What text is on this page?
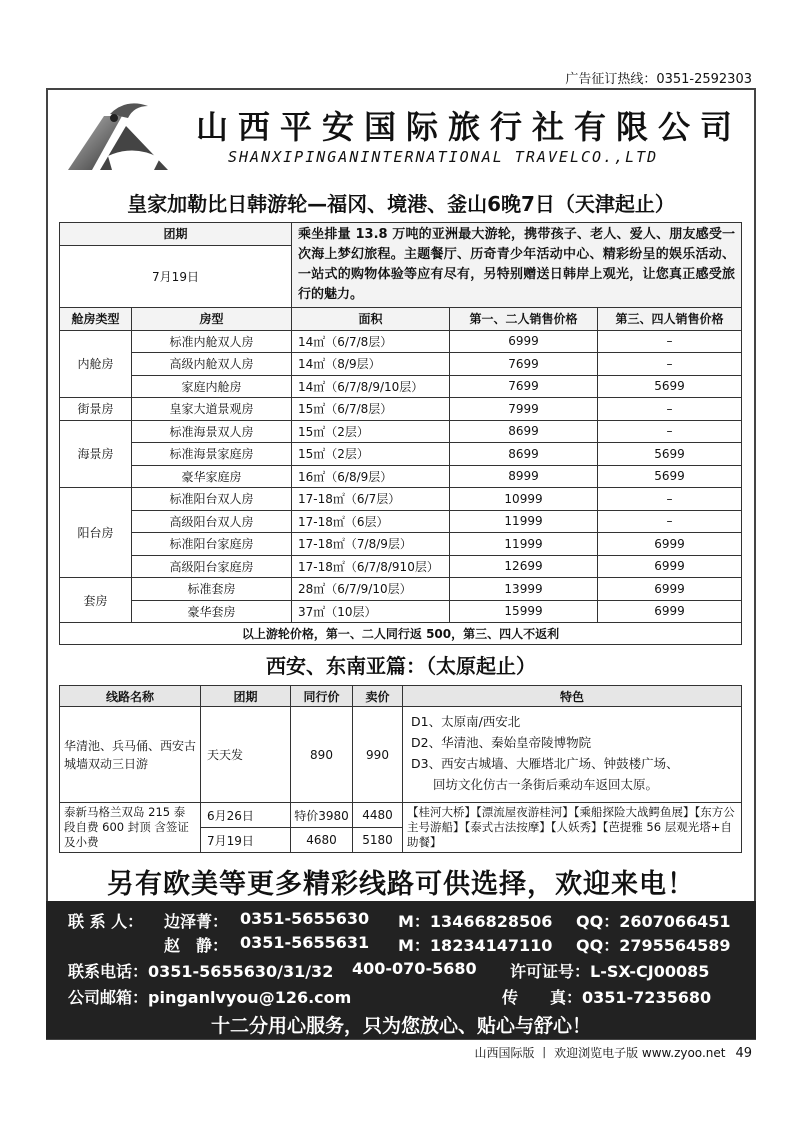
广告征订热线：0351-2592303
山西平安国际旅行社有限公司
SHANXIPINGANINTERNATIONAL TRAVELCO.,LTD
皇家加勒比日韩游轮—福冈、境港、釜山6晚7日（天津起止）
团期		乘坐排量 13.8 万吨的亚洲最大游轮，携带孩子、老人、爱人、朋友感受一次海上梦幻旅程。主题餐厅、历奇青少年活动中心、精彩纷呈的娱乐活动、一站式的购物体验等应有尽有，另特别赠送日韩岸上观光，让您真正感受旅行的魅力。		
7月19日				

舱房类型	房型	面积	第一、二人销售价格	第三、四人销售价格
内舱房	标准内舱双人房	14㎡（6/7/8层）	6999	–
	高级内舱双人房	14㎡（8/9层）	7699	–
	家庭内舱房	14㎡（6/7/8/9/10层）	7699	5699
街景房	皇家大道景观房	15㎡（6/7/8层）	7999	–
海景房	标准海景双人房	15㎡（2层）	8699	–
	标准海景家庭房	15㎡（2层）	8699	5699
	豪华家庭房	16㎡（6/8/9层）	8999	5699
阳台房	标准阳台双人房	17-18㎡（6/7层）	10999	–
	高级阳台双人房	17-18㎡（6层）	11999	–
	标准阳台家庭房	17-18㎡（7/8/9层）	11999	6999
	高级阳台家庭房	17-18㎡（6/7/8/910层）	12699	6999
套房	标准套房	28㎡（6/7/9/10层）	13999	6999
	豪华套房	37㎡（10层）	15999	6999
以上游轮价格，第一、二人同行返 500，第三、四人不返利				
西安、东南亚篇：（太原起止）
线路名称	团期	同行价	卖价	特色
华清池、兵马俑、西安古城墙双动三日游	天天发	890	990	D1、太原南/西安北
D2、华清池、秦始皇帝陵博物院
D3、西安古城墙、大雁塔北广场、钟鼓楼广场、
回坊文化仿古一条街后乘动车返回太原。

泰新马格兰双岛 215 泰段自费 600 封顶 含签证及小费	6月26日	特价3980	4480	【桂河大桥】【漂流屋夜游桂河】【乘船探险大战鳄鱼展】【东方公主号游船】【泰式古法按摩】【人妖秀】【芭提雅 56 层观光塔+自助餐】
	7月19日	4680	5180	
另有欧美等更多精彩线路可供选择，欢迎来电！
联 系 人： 边泽菁： 0351-5655630 M：13466828506 QQ：2607066451
赵　静： 0351-5655631 M：18234147110 QQ：2795564589
联系电话：0351-5655630/31/32 400-070-5680 许可证号：L-SX-CJ00085
公司邮箱：pinganlvyou@126.com	传　　真：0351-7235680
十二分用心服务，只为您放心、贴心与舒心！
山西国际版 丨 欢迎浏览电子版 www.zyoo.net 49
